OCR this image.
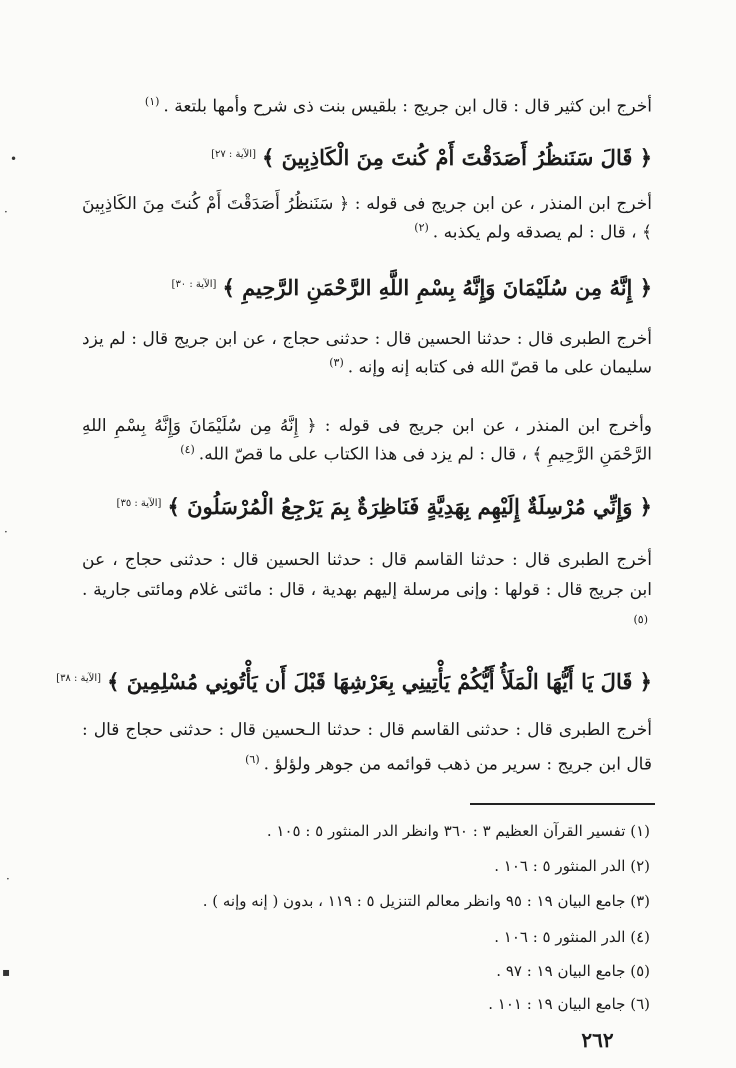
أخرج ابن كثير قال : قال ابن جريج : بلقيس بنت ذى شرح وأمها بلتعة .$^{(١)}$
﴿ قَالَ سَنَنظُرُ أَصَدَقْتَ أَمْ كُنتَ مِنَ الْكَاذِبِينَ ﴾[الآية : ٢٧]
أخرج ابن المنذر ، عن ابن جريج فى قوله : ﴿ سَنَنظُرُ أَصَدَقْتَ أَمْ كُنتَ مِنَ الكَاذِبِينَ ﴾ ، قال : لم يصدقه ولم يكذبه .$^{(٢)}$
﴿ إِنَّهُ مِن سُلَيْمَانَ وَإِنَّهُ بِسْمِ اللَّهِ الرَّحْمَنِ الرَّحِيمِ ﴾[الآية : ٣٠]
أخرج الطبرى قال : حدثنا الحسين قال : حدثنى حجاج ، عن ابن جريج قال : لم يزد سليمان على ما قصّ الله فى كتابه إنه وإنه .$^{(٣)}$
وأخرج ابن المنذر ، عن ابن جريج فى قوله : ﴿ إِنَّهُ مِن سُلَيْمَانَ وَإِنَّهُ بِسْمِ اللهِ الرَّحْمَنِ الرَّحِيمِ ﴾ ، قال : لم يزد فى هذا الكتاب على ما قصّ الله.$^{(٤)}$
﴿ وَإِنِّي مُرْسِلَةٌ إِلَيْهِم بِهَدِيَّةٍ فَنَاظِرَةٌ بِمَ يَرْجِعُ الْمُرْسَلُونَ ﴾[الآية : ٣٥]
أخرج الطبرى قال : حدثنا القاسم قال : حدثنا الحسين قال : حدثنى حجاج ، عن ابن جريج قال : قولها : وإنى مرسلة إليهم بهدية ، قال : مائتى غلام ومائتى جارية .$^{(٥)}$
﴿ قَالَ يَا أَيُّهَا الْمَلَأُ أَيُّكُمْ يَأْتِينِي بِعَرْشِهَا قَبْلَ أَن يَأْتُونِي مُسْلِمِينَ ﴾[الآية : ٣٨]
أخرج الطبرى قال : حدثنى القاسم قال : حدثنا الـحسين قال : حدثنى حجاج قال : قال ابن جريج : سرير من ذهب قوائمه من جوهر ولؤلؤ .$^{(٦)}$
(١) تفسير القرآن العظيم ٣ : ٣٦٠ وانظر الدر المنثور ٥ : ١٠٥ .
(٢) الدر المنثور ٥ : ١٠٦ .
(٣) جامع البيان ١٩ : ٩٥ وانظر معالم التنزيل ٥ : ١١٩ ، بدون ( إنه وإنه ) .
(٤) الدر المنثور ٥ : ١٠٦ .
(٥) جامع البيان ١٩ : ٩٧ .
(٦) جامع البيان ١٩ : ١٠١ .
٢٦٢
•
·
·
·
▪
